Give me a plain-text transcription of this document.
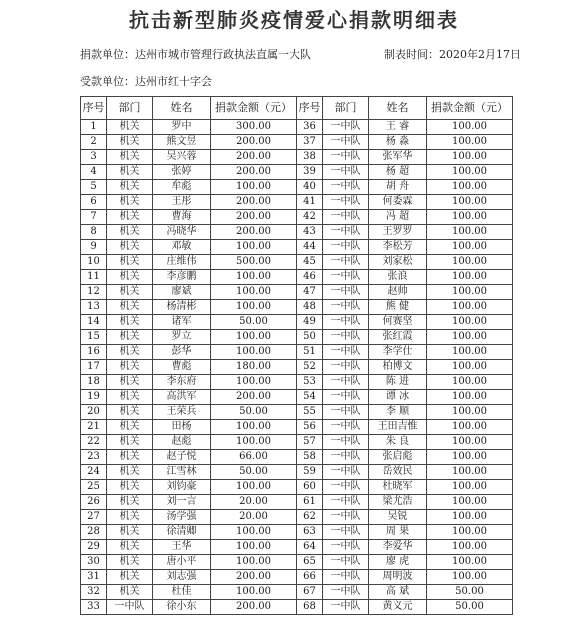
抗击新型肺炎疫情爱心捐款明细表
捐款单位：达州市城市管理行政执法直属一大队	制表时间：2020年2月17日
受款单位：达州市红十字会
序号	部门	姓名	捐款金额（元）	序号	部门	姓名	捐款金额（元）
1	机关	罗中	300.00	36	一中队	王 睿	100.00
2	机关	熊文昱	200.00	37	一中队	杨 淼	100.00
3	机关	吴兴蓉	200.00	38	一中队	张军华	100.00
4	机关	张婷	200.00	39	一中队	杨 超	100.00
5	机关	牟彪	100.00	40	一中队	胡 舟	100.00
6	机关	王彤	200.00	41	一中队	何委霖	100.00
7	机关	曹海	200.00	42	一中队	冯 超	100.00
8	机关	冯晓华	200.00	43	一中队	王罗罗	100.00
9	机关	邓敏	100.00	44	一中队	李松芳	100.00
10	机关	庄维伟	500.00	45	一中队	刘家松	100.00
11	机关	李彦鹏	100.00	46	一中队	张浪	100.00
12	机关	廖斌	100.00	47	一中队	赵帅	100.00
13	机关	杨清彬	100.00	48	一中队	熊 健	100.00
14	机关	诸军	50.00	49	一中队	何赛坚	100.00
15	机关	罗立	100.00	50	一中队	张红霞	100.00
16	机关	彭华	100.00	51	一中队	李学仕	100.00
17	机关	曹彪	180.00	52	一中队	柏博文	100.00
18	机关	李东府	100.00	53	一中队	陈 进	100.00
19	机关	高洪军	200.00	54	一中队	谭 冰	100.00
20	机关	王荣兵	50.00	55	一中队	李 顺	100.00
21	机关	田杨	100.00	56	一中队	王田吉惟	100.00
22	机关	赵彪	100.00	57	一中队	朱 良	100.00
23	机关	赵子悦	66.00	58	一中队	张启彪	100.00
24	机关	江雪林	50.00	59	一中队	岳效民	100.00
25	机关	刘钧豪	100.00	60	一中队	杜晓军	100.00
26	机关	刘一言	20.00	61	一中队	梁尤浩	100.00
27	机关	汤学强	20.00	62	一中队	吴锐	100.00
28	机关	徐清卿	100.00	63	一中队	周 果	100.00
29	机关	王华	100.00	64	一中队	李爱华	100.00
30	机关	唐小平	100.00	65	一中队	廖 虎	100.00
31	机关	刘志强	200.00	66	一中队	周明波	100.00
32	机关	杜佳	100.00	67	一中队	高 斌	50.00
33	一中队	徐小东	200.00	68	一中队	黄义元	50.00
